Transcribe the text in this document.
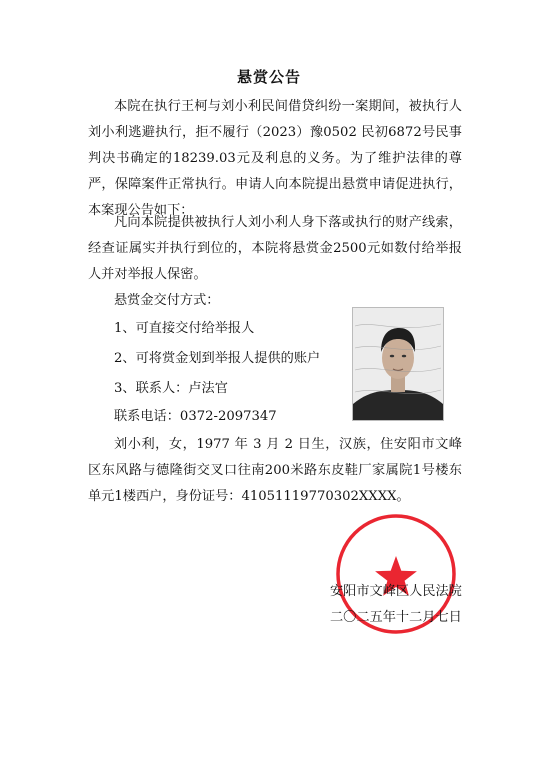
悬赏公告

本院在执行王柯与刘小利民间借贷纠纷一案期间，被执行人刘小利逃避执行，拒不履行（2023）豫0502 民初6872号民事判决书确定的18239.03元及利息的义务。为了维护法律的尊严，保障案件正常执行。申请人向本院提出悬赏申请促进执行，本案现公告如下：

凡向本院提供被执行人刘小利人身下落或执行的财产线索，经查证属实并执行到位的，本院将悬赏金2500元如数付给举报人并对举报人保密。

悬赏金交付方式：
1、可直接交付给举报人
2、可将赏金划到举报人提供的账户
3、联系人：卢法官
联系电话：0372-2097347

刘小利，女，1977 年 3 月 2 日生，汉族，住安阳市文峰区东风路与德隆街交叉口往南200米路东皮鞋厂家属院1号楼东单元1楼西户，身份证号：41051119770302XXXX。

安阳市文峰区人民法院
二〇二五年十二月七日
